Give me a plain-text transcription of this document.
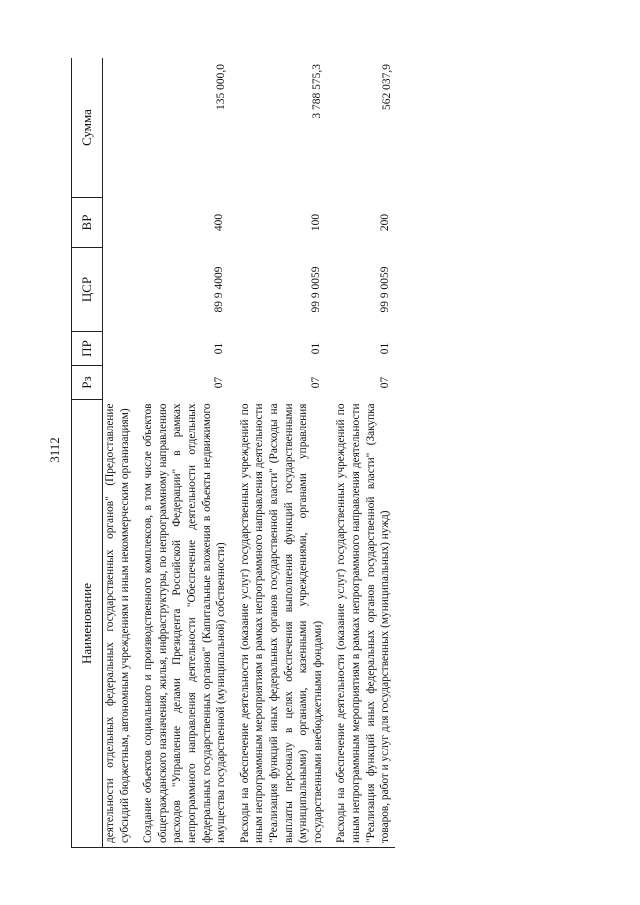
3112
Наименование	Рз	ПР	ЦСР	ВР	Сумма
деятельности отдельных федеральных государственных органов" (Предоставление субсидий бюджетным, автономным учреждениям и иным некоммерческим организациям)					
Создание объектов социального и производственного комплексов, в том числе объектов общегражданского назначения, жилья, инфраструктуры, по непрограммному направлению расходов "Управление делами Президента Российской Федерации" в рамках непрограммного направления деятельности "Обеспечение деятельности отдельных федеральных государственных органов" (Капитальные вложения в объекты недвижимого имущества государственной (муниципальной) собственности)	07	01	89 9 4009	400	135 000,0
Расходы на обеспечение деятельности (оказание услуг) государственных учреждений по иным непрограммным мероприятиям в рамках непрограммного направления деятельности "Реализация функций иных федеральных органов государственной власти" (Расходы на выплаты персоналу в целях обеспечения выполнения функций государственными (муниципальными) органами, казенными учреждениями, органами управления государственными внебюджетными фондами)	07	01	99 9 0059	100	3 788 575,3
Расходы на обеспечение деятельности (оказание услуг) государственных учреждений по иным непрограммным мероприятиям в рамках непрограммного направления деятельности "Реализация функций иных федеральных органов государственной власти" (Закупка товаров, работ и услуг для государственных (муниципальных) нужд)	07	01	99 9 0059	200	562 037,9
